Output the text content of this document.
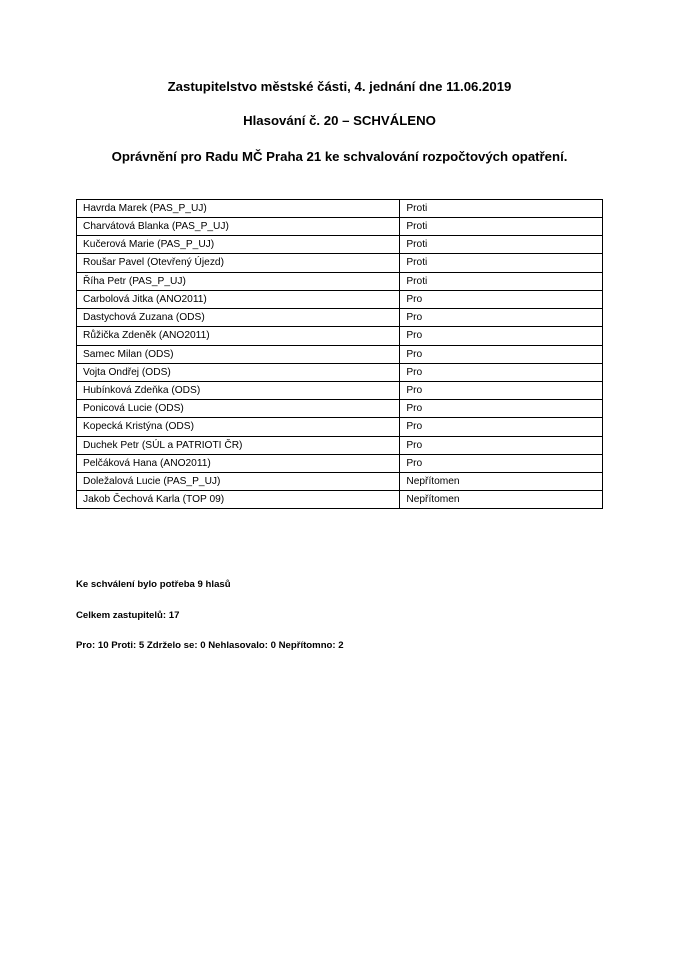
Zastupitelstvo městské části, 4. jednání dne 11.06.2019

Hlasování č. 20 – SCHVÁLENO

Oprávnění pro Radu MČ Praha 21 ke schvalování rozpočtových opatření.

Havrda Marek (PAS_P_UJ)	Proti
Charvátová Blanka (PAS_P_UJ)	Proti
Kučerová Marie (PAS_P_UJ)	Proti
Roušar Pavel (Otevřený Újezd)	Proti
Říha Petr (PAS_P_UJ)	Proti
Carbolová Jitka (ANO2011)	Pro
Dastychová Zuzana (ODS)	Pro
Růžička Zdeněk (ANO2011)	Pro
Samec Milan (ODS)	Pro
Vojta Ondřej (ODS)	Pro
Hubínková Zdeňka (ODS)	Pro
Ponicová Lucie (ODS)	Pro
Kopecká Kristýna (ODS)	Pro
Duchek Petr (SÚL a PATRIOTI ČR)	Pro
Pelčáková Hana (ANO2011)	Pro
Doležalová Lucie (PAS_P_UJ)	Nepřítomen
Jakob Čechová Karla (TOP 09)	Nepřítomen

Ke schválení bylo potřeba 9 hlasů

Celkem zastupitelů: 17

Pro: 10 Proti: 5 Zdrželo se: 0 Nehlasovalo: 0 Nepřítomno: 2
